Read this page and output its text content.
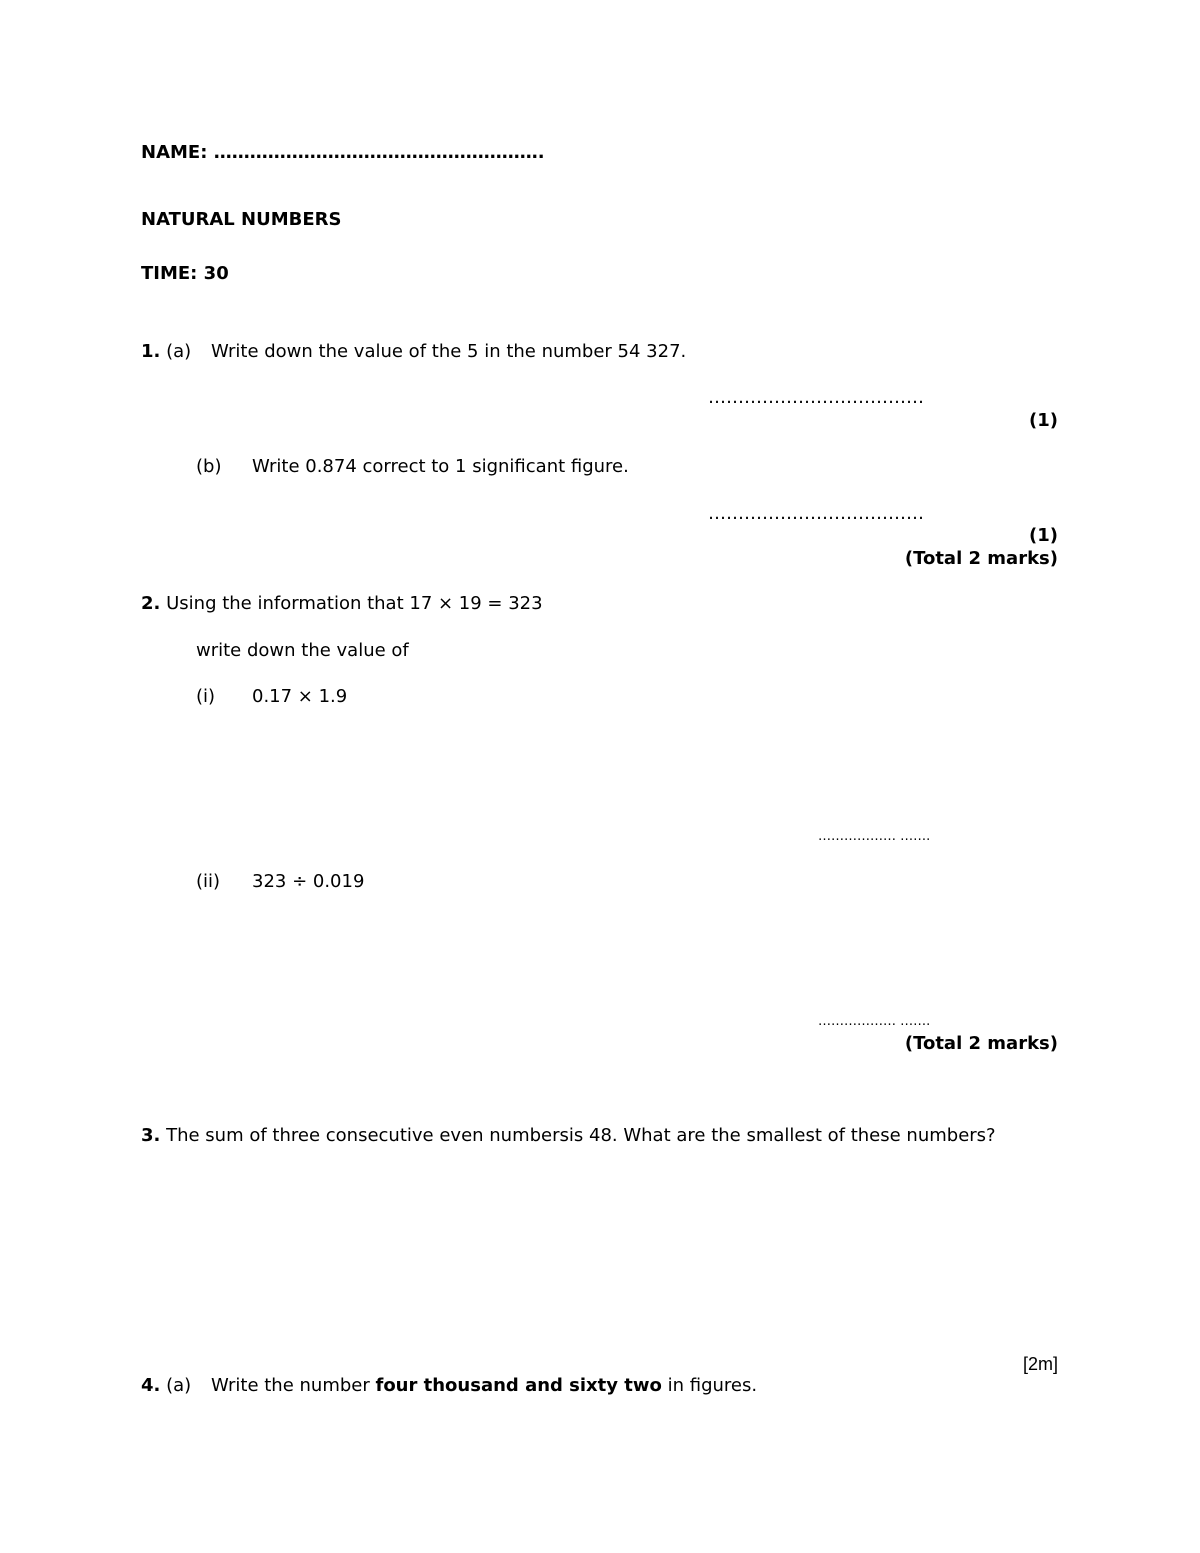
NAME: ……………………………………………….
NATURAL NUMBERS
TIME: 30
1. (a) Write down the value of the 5 in the number 54 327.
………………………………
(1)
(b) Write 0.874 correct to 1 significant figure.
………………………………
(1)
(Total 2 marks)
2. Using the information that 17 × 19 = 323
write down the value of
(i) 0.17 × 1.9
……………… …….
(ii) 323 ÷ 0.019
……………… …….
(Total 2 marks)
3. The sum of three consecutive even numbersis 48. What are the smallest of these numbers?
[2m]
4. (a) Write the number four thousand and sixty two in figures.
